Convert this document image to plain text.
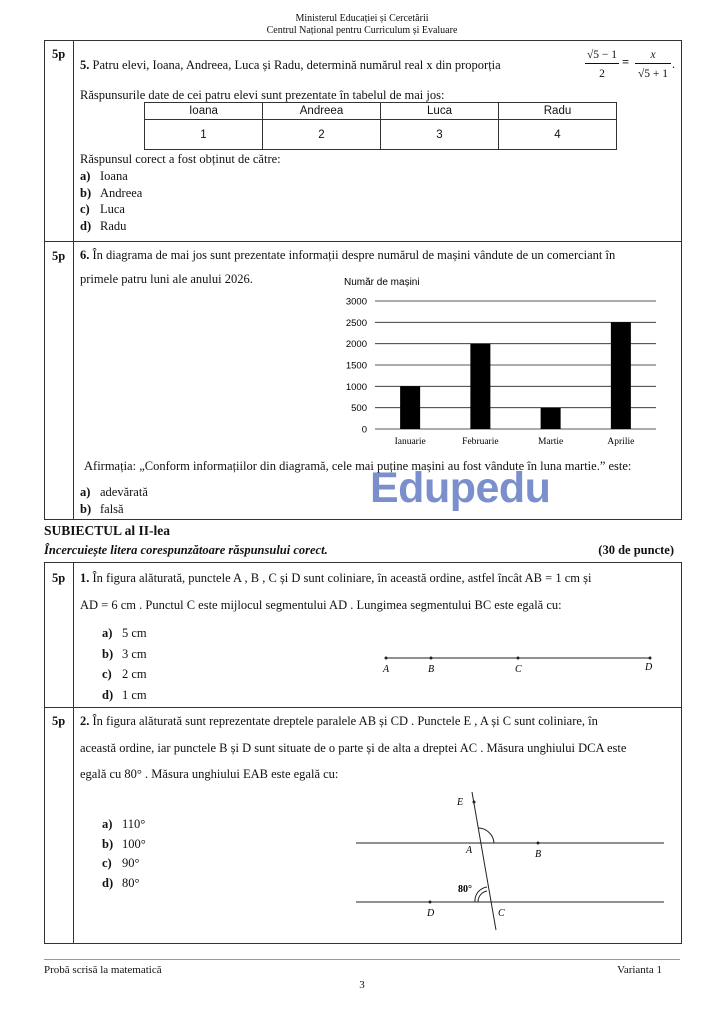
Ministerul Educației și Cercetării
Centrul Național pentru Curriculum și Evaluare
5p
5. Patru elevi, Ioana, Andreea, Luca și Radu, determină numărul real x din proporția
√5 − 1
2
=	x
√5 + 1
.
Răspunsurile date de cei patru elevi sunt prezentate în tabelul de mai jos:
Ioana	Andreea	Luca	Radu
1	2	3	4
Răspunsul corect a fost obținut de către:
a) Ioana
b) Andreea
c) Luca
d) Radu
5p 6. În diagrama de mai jos sunt prezentate informații despre numărul de mașini vândute de un comerciant în
primele patru luni ale anului 2026.	Număr de mașini
0
500
1000
1500
2000
2500
3000
Ianuarie	Februarie	Martie	Aprilie
Afirmația: „Conform informațiilor din diagramă, cele mai puține mașini au fost vândute în luna martie.” este:
Edupedu
a) adevărată
b) falsă
SUBIECTUL al II-lea
Încercuiește litera corespunzătoare răspunsului corect.	(30 de puncte)
5p 1. În figura alăturată, punctele A , B , C și D sunt coliniare, în această ordine, astfel încât AB = 1 cm și
AD = 6 cm . Punctul C este mijlocul segmentului AD . Lungimea segmentului BC este egală cu:
a) 5 cm
b) 3 cm
c) 2 cm
d) 1 cm
A	B	C	D
5p 2. În figura alăturată sunt reprezentate dreptele paralele AB și CD . Punctele E , A și C sunt coliniare, în
această ordine, iar punctele B și D sunt situate de o parte și de alta a dreptei AC . Măsura unghiului DCA este
egală cu 80° . Măsura unghiului EAB este egală cu:
a) 110°
b) 100°
c) 90°
d) 80°
E
A	B
D	C
80°
Probă scrisă la matematică	Varianta 1
3
